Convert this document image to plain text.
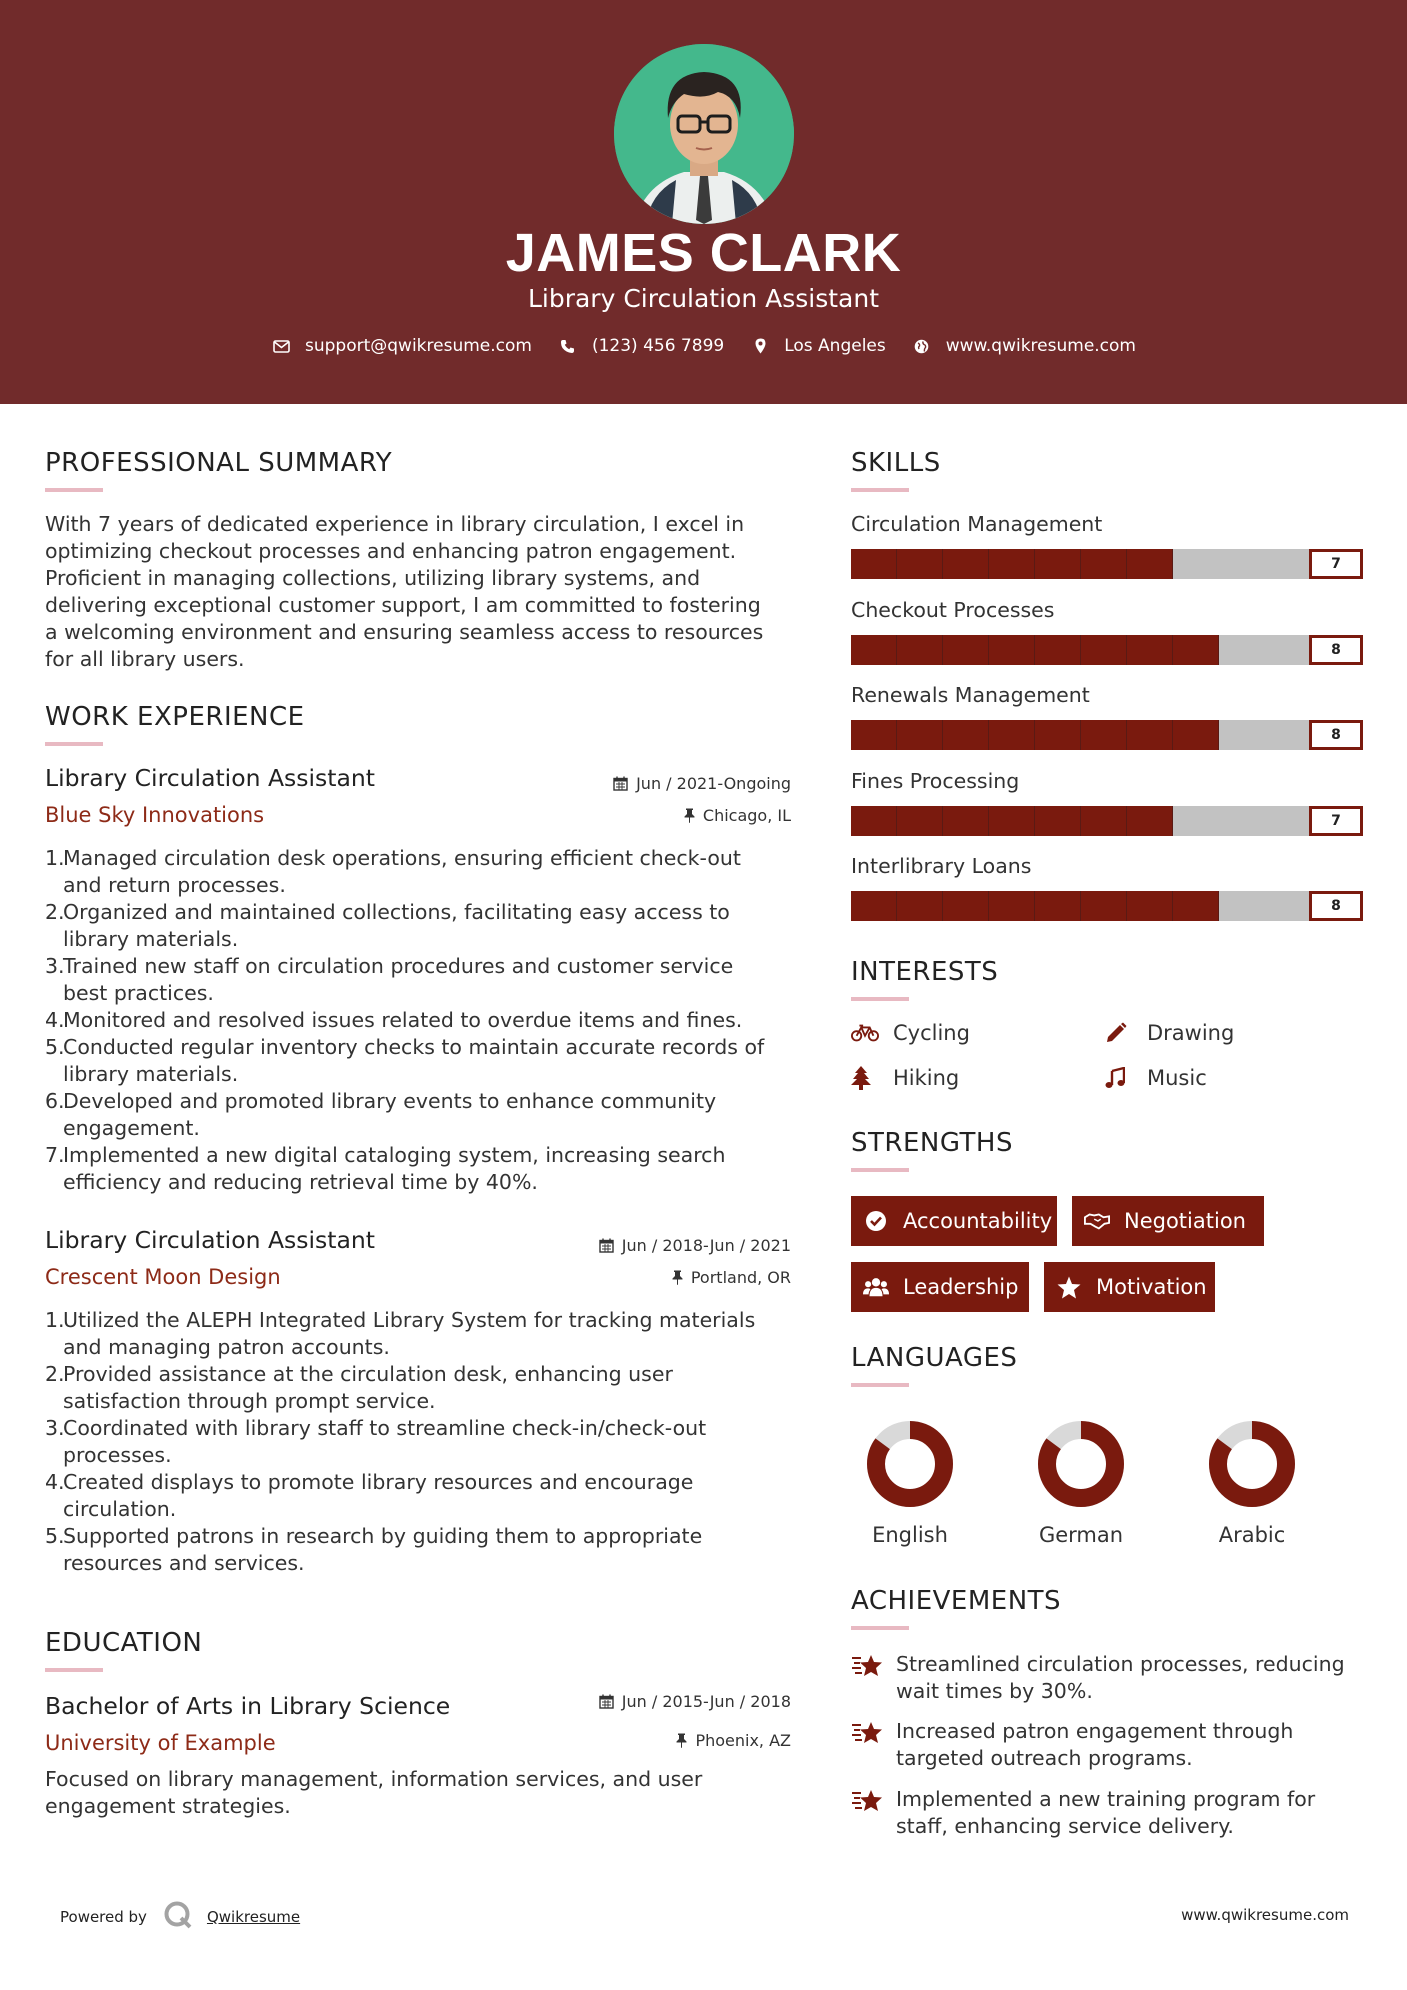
JAMES CLARK
Library Circulation Assistant
support@qwikresume.com	(123) 456 7899	Los Angeles	www.qwikresume.com
PROFESSIONAL SUMMARY
With 7 years of dedicated experience in library circulation, I excel in
optimizing checkout processes and enhancing patron engagement.
Proficient in managing collections, utilizing library systems, and
delivering exceptional customer support, I am committed to fostering
a welcoming environment and ensuring seamless access to resources
for all library users.
WORK EXPERIENCE
Library Circulation Assistant
Blue Sky Innovations
Jun / 2021-Ongoing
Chicago, IL
1.
Managed circulation desk operations, ensuring efficient check-out
and return processes.
2.
Organized and maintained collections, facilitating easy access to
library materials.
3.
Trained new staff on circulation procedures and customer service
best practices.
4.
Monitored and resolved issues related to overdue items and fines.
5.
Conducted regular inventory checks to maintain accurate records of
library materials.
6.
Developed and promoted library events to enhance community
engagement.
7.
Implemented a new digital cataloging system, increasing search
efficiency and reducing retrieval time by 40%.
Library Circulation Assistant
Crescent Moon Design
Jun / 2018-Jun / 2021
Portland, OR
1.
Utilized the ALEPH Integrated Library System for tracking materials
and managing patron accounts.
2.
Provided assistance at the circulation desk, enhancing user
satisfaction through prompt service.
3.
Coordinated with library staff to streamline check-in/check-out
processes.
4.
Created displays to promote library resources and encourage
circulation.
5.
Supported patrons in research by guiding them to appropriate
resources and services.
EDUCATION
Bachelor of Arts in Library Science
University of Example
Jun / 2015-Jun / 2018
Phoenix, AZ
Focused on library management, information services, and user
engagement strategies.
SKILLS
Circulation Management
7
Checkout Processes
8
Renewals Management
8
Fines Processing
7
Interlibrary Loans
8
INTERESTS
Cycling	Drawing
Hiking	Music
STRENGTHS
Accountability	Negotiation
Leadership	Motivation
LANGUAGES
English	German	Arabic
ACHIEVEMENTS
Streamlined circulation processes, reducing
wait times by 30%.
Increased patron engagement through
targeted outreach programs.
Implemented a new training program for
staff, enhancing service delivery.
Powered by	Qwikresume	www.qwikresume.com
